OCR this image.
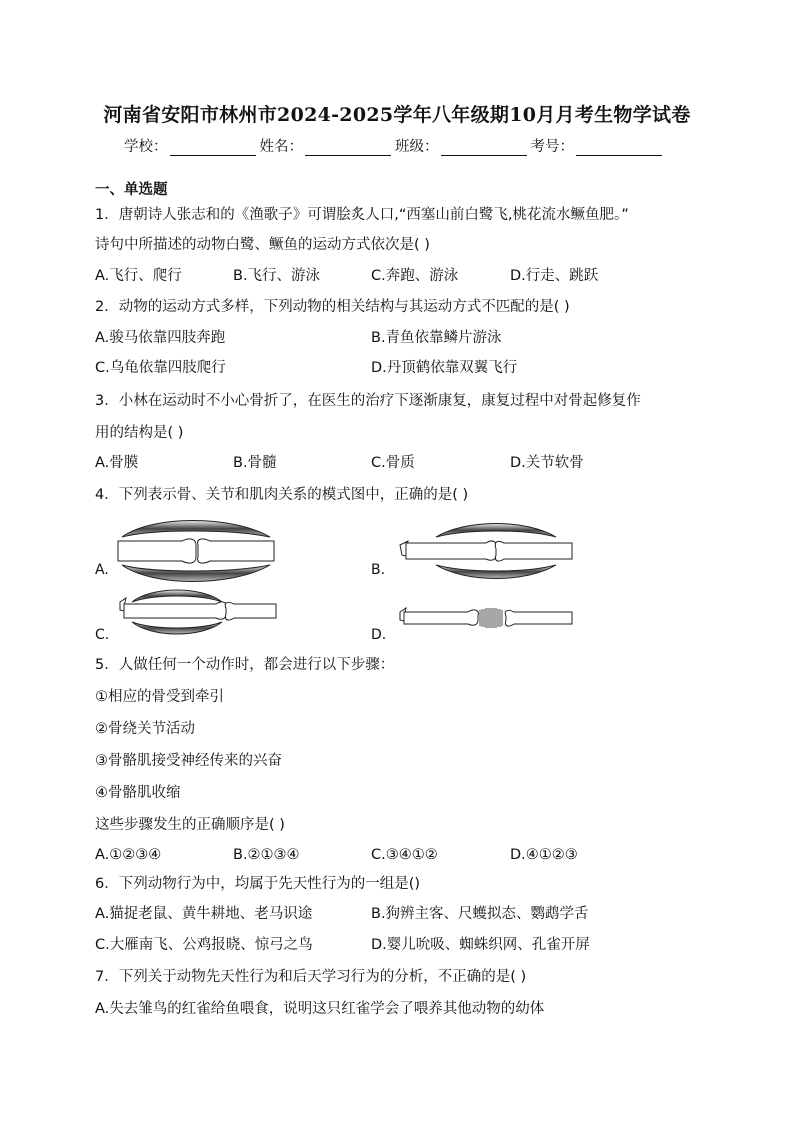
河南省安阳市林州市2024-2025学年八年级期10月月考生物学试卷
学校：	姓名：	班级：	考号：
一、单选题
1．唐朝诗人张志和的《渔歌子》可谓脍炙人口,“西塞山前白鹭飞,桃花流水鳜鱼肥。”
诗句中所描述的动物白鹭、鳜鱼的运动方式依次是( )
A.飞行、爬行	B.飞行、游泳	C.奔跑、游泳	D.行走、跳跃
2．动物的运动方式多样，下列动物的相关结构与其运动方式不匹配的是( )
A.骏马依靠四肢奔跑	B.青鱼依靠鳞片游泳
C.乌龟依靠四肢爬行	D.丹顶鹤依靠双翼飞行
3．小林在运动时不小心骨折了，在医生的治疗下逐渐康复，康复过程中对骨起修复作
用的结构是( )
A.骨膜	B.骨髓	C.骨质	D.关节软骨
4．下列表示骨、关节和肌肉关系的模式图中，正确的是( )
A.	B.
C.	D.
5．人做任何一个动作时，都会进行以下步骤：
①相应的骨受到牵引
②骨绕关节活动
③骨骼肌接受神经传来的兴奋
④骨骼肌收缩
这些步骤发生的正确顺序是( )
A.①②③④	B.②①③④	C.③④①②	D.④①②③
6．下列动物行为中，均属于先天性行为的一组是()
A.猫捉老鼠、黄牛耕地、老马识途	B.狗辨主客、尺蠖拟态、鹦鹉学舌
C.大雁南飞、公鸡报晓、惊弓之鸟	D.婴儿吮吸、蜘蛛织网、孔雀开屏
7．下列关于动物先天性行为和后天学习行为的分析，不正确的是( )
A.失去雏鸟的红雀给鱼喂食，说明这只红雀学会了喂养其他动物的幼体
